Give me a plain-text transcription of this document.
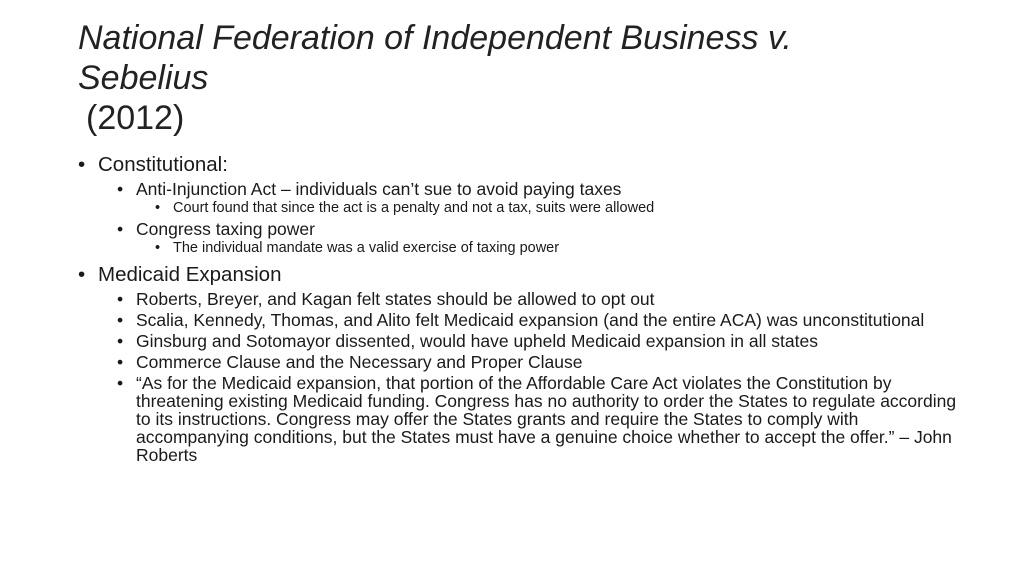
National Federation of Independent Business v.
Sebelius
(2012)
• Constitutional:
• Anti-Injunction Act – individuals can’t sue to avoid paying taxes
• Court found that since the act is a penalty and not a tax, suits were allowed
• Congress taxing power
• The individual mandate was a valid exercise of taxing power
• Medicaid Expansion
• Roberts, Breyer, and Kagan felt states should be allowed to opt out
• Scalia, Kennedy, Thomas, and Alito felt Medicaid expansion (and the entire ACA) was unconstitutional
• Ginsburg and Sotomayor dissented, would have upheld Medicaid expansion in all states
• Commerce Clause and the Necessary and Proper Clause
• “As for the Medicaid expansion, that portion of the Affordable Care Act violates the Constitution by threatening existing Medicaid funding. Congress has no authority to order the States to regulate according to its instructions. Congress may offer the States grants and require the States to comply with accompanying conditions, but the States must have a genuine choice whether to accept the offer.” – John Roberts
